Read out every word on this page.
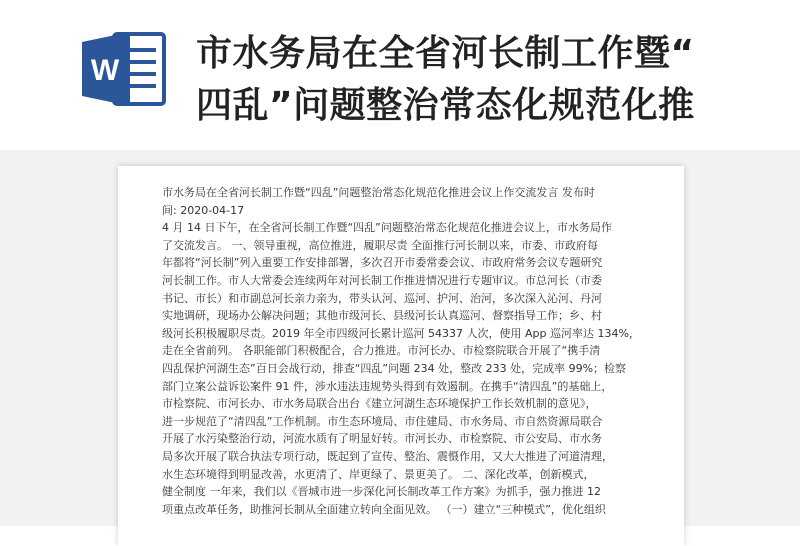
W 市水务局在全省河长制工作暨“
四乱”问题整治常态化规范化推

市水务局在全省河长制工作暨“四乱”问题整治常态化规范化推进会议上作交流发言 发布时

间: 2020-04-17

4 月 14 日下午，在全省河长制工作暨“四乱”问题整治常态化规范化推进会议上，市水务局作

了交流发言。 一、领导重视，高位推进，履职尽责 全面推行河长制以来，市委、市政府每

年都将“河长制”列入重要工作安排部署，多次召开市委常委会议、市政府常务会议专题研究

河长制工作。市人大常委会连续两年对河长制工作推进情况进行专题审议。市总河长（市委

书记、市长）和市副总河长亲力亲为，带头认河、巡河、护河、治河，多次深入沁河、丹河

实地调研，现场办公解决问题；其他市级河长、县级河长认真巡河、督察指导工作；乡、村

级河长积极履职尽责。2019 年全市四级河长累计巡河 54337 人次，使用 App 巡河率达 134%，

走在全省前列。 各职能部门积极配合，合力推进。市河长办、市检察院联合开展了“携手清

四乱保护河湖生态”百日会战行动，排查“四乱”问题 234 处，整改 233 处，完成率 99%；检察

部门立案公益诉讼案件 91 件，涉水违法违规势头得到有效遏制。在携手“清四乱”的基础上，

市检察院、市河长办、市水务局联合出台《建立河湖生态环境保护工作长效机制的意见》，

进一步规范了“清四乱”工作机制。市生态环境局、市住建局、市水务局、市自然资源局联合

开展了水污染整治行动，河流水质有了明显好转。市河长办、市检察院、市公安局、市水务

局多次开展了联合执法专项行动，既起到了宣传、整治、震慑作用，又大大推进了河道清理，

水生态环境得到明显改善，水更清了、岸更绿了、景更美了。 二、深化改革，创新模式，

健全制度 一年来，我们以《晋城市进一步深化河长制改革工作方案》为抓手，强力推进 12

项重点改革任务，助推河长制从全面建立转向全面见效。 （一）建立“三种模式”，优化组织
